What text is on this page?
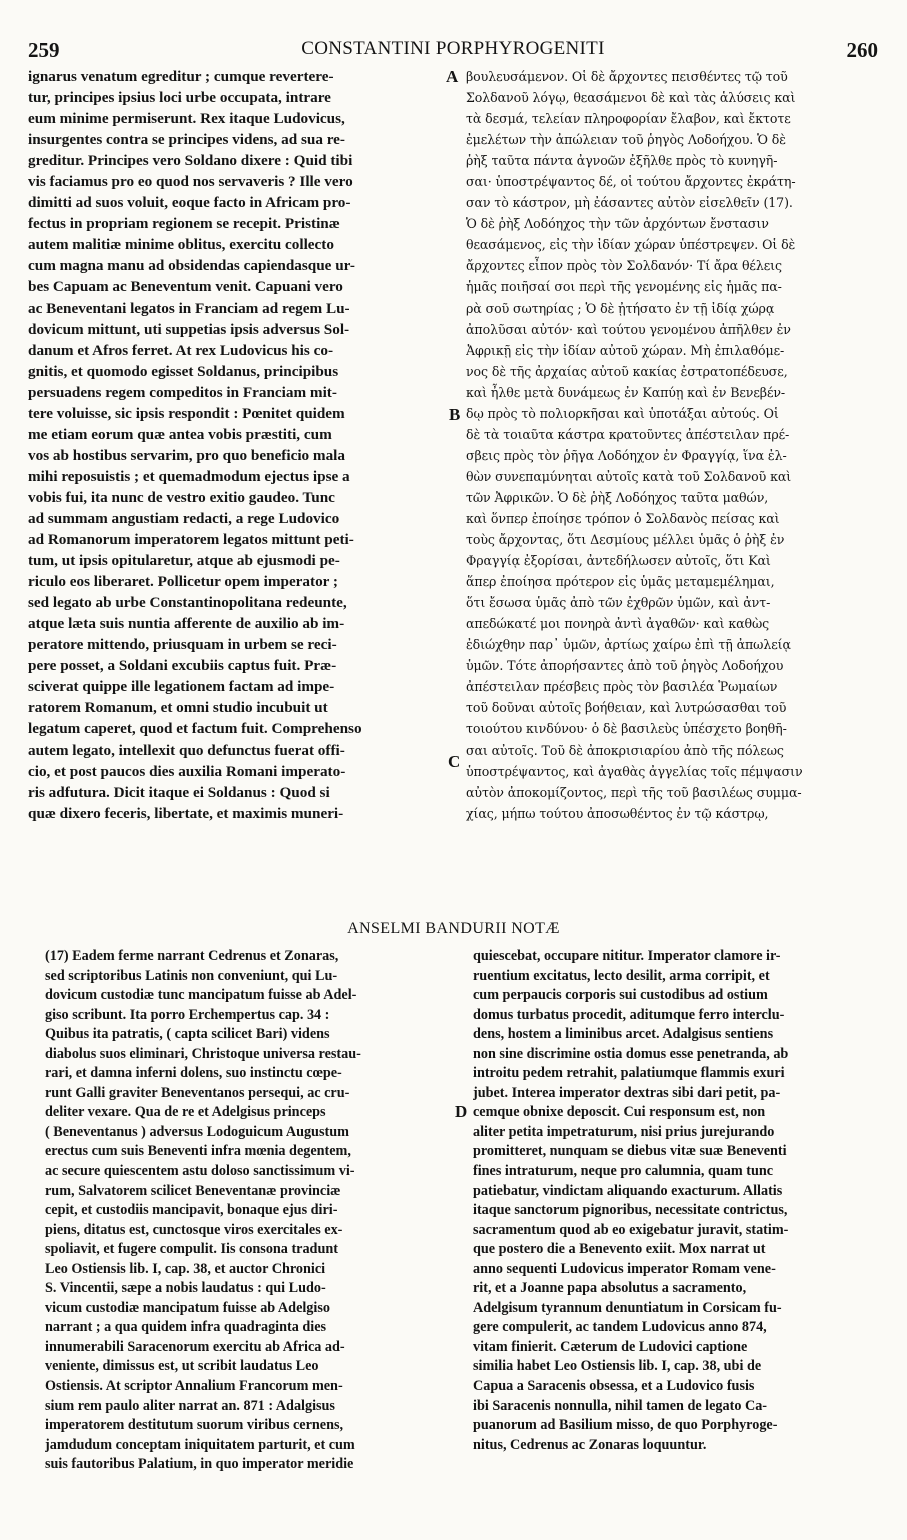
259	CONSTANTINI PORPHYROGENITI	260
ignarus venatum egreditur ; cumque revertere-
tur, principes ipsius loci urbe occupata, intrare
eum minime permiserunt. Rex itaque Ludovicus,
insurgentes contra se principes videns, ad sua re-
greditur. Principes vero Soldano dixere : Quid tibi
vis faciamus pro eo quod nos servaveris ? Ille vero
dimitti ad suos voluit, eoque facto in Africam pro-
fectus in propriam regionem se recepit. Pristinæ
autem malitiæ minime oblitus, exercitu collecto
cum magna manu ad obsidendas capiendasque ur-
bes Capuam ac Beneventum venit. Capuani vero
ac Beneventani legatos in Franciam ad regem Lu-
dovicum mittunt, uti suppetias ipsis adversus Sol-
danum et Afros ferret. At rex Ludovicus his co-
gnitis, et quomodo egisset Soldanus, principibus
persuadens regem compeditos in Franciam mit-
tere voluisse, sic ipsis respondit : Pœnitet quidem
me etiam eorum quæ antea vobis præstiti, cum
vos ab hostibus servarim, pro quo beneficio mala
mihi reposuistis ; et quemadmodum ejectus ipse a
vobis fui, ita nunc de vestro exitio gaudeo. Tunc
ad summam angustiam redacti, a rege Ludovico
ad Romanorum imperatorem legatos mittunt peti-
tum, ut ipsis opitularetur, atque ab ejusmodi pe-
riculo eos liberaret. Pollicetur opem imperator ;
sed legato ab urbe Constantinopolitana redeunte,
atque læta suis nuntia afferente de auxilio ab im-
peratore mittendo, priusquam in urbem se reci-
pere posset, a Soldani excubiis captus fuit. Præ-
sciverat quippe ille legationem factam ad impe-
ratorem Romanum, et omni studio incubuit ut
legatum caperet, quod et factum fuit. Comprehenso
autem legato, intellexit quo defunctus fuerat offi-
cio, et post paucos dies auxilia Romani imperato-
ris adfutura. Dicit itaque ei Soldanus : Quod si
quæ dixero feceris, libertate, et maximis muneri-
βουλευσάμενον. Οἱ δὲ ἄρχοντες πεισθέντες τῷ τοῦ
Σολδανοῦ λόγῳ, θεασάμενοι δὲ καὶ τὰς ἁλύσεις καὶ
τὰ δεσμά, τελείαν πληροφορίαν ἔλαβον, καὶ ἔκτοτε
ἐμελέτων τὴν ἀπώλειαν τοῦ ῥηγὸς Λοδοήχου. Ὁ δὲ
ῥὴξ ταῦτα πάντα ἀγνοῶν ἐξῆλθε πρὸς τὸ κυνηγῆ-
σαι· ὑποστρέψαντος δέ, οἱ τούτου ἄρχοντες ἐκράτη-
σαν τὸ κάστρον, μὴ ἐάσαντες αὐτὸν εἰσελθεῖν (17).
Ὁ δὲ ῥὴξ Λοδόηχος τὴν τῶν ἀρχόντων ἔνστασιν
θεασάμενος, εἰς τὴν ἰδίαν χώραν ὑπέστρεψεν. Οἱ δὲ
ἄρχοντες εἶπον πρὸς τὸν Σολδανόν· Τί ἄρα θέλεις
ἡμᾶς ποιῆσαί σοι περὶ τῆς γενομένης εἰς ἡμᾶς πα-
ρὰ σοῦ σωτηρίας ; Ὁ δὲ ᾐτήσατο ἐν τῇ ἰδίᾳ χώρᾳ
ἀπολῦσαι αὐτόν· καὶ τούτου γενομένου ἀπῆλθεν ἐν
Ἀφρικῇ εἰς τὴν ἰδίαν αὐτοῦ χώραν. Μὴ ἐπιλαθόμε-
νος δὲ τῆς ἀρχαίας αὐτοῦ κακίας ἐστρατοπέδευσε,
καὶ ἦλθε μετὰ δυνάμεως ἐν Καπύῃ καὶ ἐν Βενεβέν-
δῳ πρὸς τὸ πολιορκῆσαι καὶ ὑποτάξαι αὐτούς. Οἱ
δὲ τὰ τοιαῦτα κάστρα κρατοῦντες ἀπέστειλαν πρέ-
σβεις πρὸς τὸν ῥῆγα Λοδόηχον ἐν Φραγγίᾳ, ἵνα ἐλ-
θὼν συνεπαμύνηται αὐτοῖς κατὰ τοῦ Σολδανοῦ καὶ
τῶν Ἀφρικῶν. Ὁ δὲ ῥὴξ Λοδόηχος ταῦτα μαθών,
καὶ ὅνπερ ἐποίησε τρόπον ὁ Σολδανὸς πείσας καὶ
τοὺς ἄρχοντας, ὅτι Δεσμίους μέλλει ὑμᾶς ὁ ῥὴξ ἐν
Φραγγίᾳ ἐξορίσαι, ἀντεδήλωσεν αὐτοῖς, ὅτι Καὶ
ἅπερ ἐποίησα πρότερον εἰς ὑμᾶς μεταμεμέλημαι,
ὅτι ἔσωσα ὑμᾶς ἀπὸ τῶν ἐχθρῶν ὑμῶν, καὶ ἀντ-
απεδώκατέ μοι πονηρὰ ἀντὶ ἀγαθῶν· καὶ καθὼς
ἐδιώχθην παρ᾽ ὑμῶν, ἀρτίως χαίρω ἐπὶ τῇ ἀπωλείᾳ
ὑμῶν. Τότε ἀπορήσαντες ἀπὸ τοῦ ῥηγὸς Λοδοήχου
ἀπέστειλαν πρέσβεις πρὸς τὸν βασιλέα Ῥωμαίων
τοῦ δοῦναι αὐτοῖς βοήθειαν, καὶ λυτρώσασθαι τοῦ
τοιούτου κινδύνου· ὁ δὲ βασιλεὺς ὑπέσχετο βοηθῆ-
σαι αὐτοῖς. Τοῦ δὲ ἀποκρισιαρίου ἀπὸ τῆς πόλεως
ὑποστρέψαντος, καὶ ἀγαθὰς ἀγγελίας τοῖς πέμψασιν
αὐτὸν ἀποκομίζοντος, περὶ τῆς τοῦ βασιλέως συμμα-
χίας, μήπω τούτου ἀποσωθέντος ἐν τῷ κάστρῳ,
A
B
C
D
ANSELMI BANDURII NOTÆ
(17) Eadem ferme narrant Cedrenus et Zonaras,
sed scriptoribus Latinis non conveniunt, qui Lu-
dovicum custodiæ tunc mancipatum fuisse ab Adel-
giso scribunt. Ita porro Erchempertus cap. 34 :
Quibus ita patratis, ( capta scilicet Bari) videns
diabolus suos eliminari, Christoque universa restau-
rari, et damna inferni dolens, suo instinctu cœpe-
runt Galli graviter Beneventanos persequi, ac cru-
deliter vexare. Qua de re et Adelgisus princeps
( Beneventanus ) adversus Lodoguicum Augustum
erectus cum suis Beneventi infra mœnia degentem,
ac secure quiescentem astu doloso sanctissimum vi-
rum, Salvatorem scilicet Beneventanæ provinciæ
cepit, et custodiis mancipavit, bonaque ejus diri-
piens, ditatus est, cunctosque viros exercitales ex-
spoliavit, et fugere compulit. Iis consona tradunt
Leo Ostiensis lib. I, cap. 38, et auctor Chronici
S. Vincentii, sæpe a nobis laudatus : qui Ludo-
vicum custodiæ mancipatum fuisse ab Adelgiso
narrant ; a qua quidem infra quadraginta dies
innumerabili Saracenorum exercitu ab Africa ad-
veniente, dimissus est, ut scribit laudatus Leo
Ostiensis. At scriptor Annalium Francorum men-
sium rem paulo aliter narrat an. 871 : Adalgisus
imperatorem destitutum suorum viribus cernens,
jamdudum conceptam iniquitatem parturit, et cum
suis fautoribus Palatium, in quo imperator meridie
quiescebat, occupare nititur. Imperator clamore ir-
ruentium excitatus, lecto desilit, arma corripit, et
cum perpaucis corporis sui custodibus ad ostium
domus turbatus procedit, aditumque ferro interclu-
dens, hostem a liminibus arcet. Adalgisus sentiens
non sine discrimine ostia domus esse penetranda, ab
introitu pedem retrahit, palatiumque flammis exuri
jubet. Interea imperator dextras sibi dari petit, pa-
cemque obnixe deposcit. Cui responsum est, non
aliter petita impetraturum, nisi prius jurejurando
promitteret, nunquam se diebus vitæ suæ Beneventi
fines intraturum, neque pro calumnia, quam tunc
patiebatur, vindictam aliquando exacturum. Allatis
itaque sanctorum pignoribus, necessitate contrictus,
sacramentum quod ab eo exigebatur juravit, statim-
que postero die a Benevento exiit. Mox narrat ut
anno sequenti Ludovicus imperator Romam vene-
rit, et a Joanne papa absolutus a sacramento,
Adelgisum tyrannum denuntiatum in Corsicam fu-
gere compulerit, ac tandem Ludovicus anno 874,
vitam finierit. Cæterum de Ludovici captione
similia habet Leo Ostiensis lib. I, cap. 38, ubi de
Capua a Saracenis obsessa, et a Ludovico fusis
ibi Saracenis nonnulla, nihil tamen de legato Ca-
puanorum ad Basilium misso, de quo Porphyroge-
nitus, Cedrenus ac Zonaras loquuntur.
